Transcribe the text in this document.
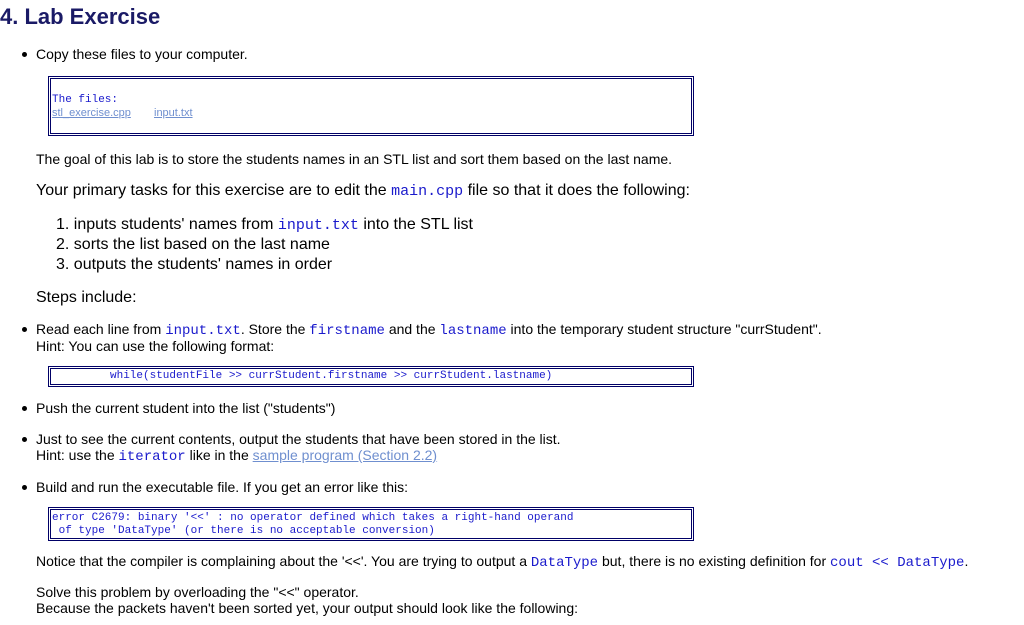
4. Lab Exercise
Copy these files to your computer.
The files:
stl_exercise.cpp input.txt
The goal of this lab is to store the students names in an STL list and sort them based on the last name.
Your primary tasks for this exercise are to edit the main.cpp file so that it does the following:
1. inputs students' names from input.txt into the STL list
2. sorts the list based on the last name
3. outputs the students' names in order
Steps include:
Read each line from input.txt. Store the firstname and the lastname into the temporary student structure "currStudent".
Hint: You can use the following format:
while(studentFile >> currStudent.firstname >> currStudent.lastname)
Push the current student into the list ("students")
Just to see the current contents, output the students that have been stored in the list.
Hint: use the iterator like in the sample program (Section 2.2)
Build and run the executable file. If you get an error like this:
error C2679: binary '<<' : no operator defined which takes a right-hand operand
of type 'DataType' (or there is no acceptable conversion)
Notice that the compiler is complaining about the '<<'. You are trying to output a DataType but, there is no existing definition for cout << DataType.
Solve this problem by overloading the "<<" operator.
Because the packets haven't been sorted yet, your output should look like the following:
